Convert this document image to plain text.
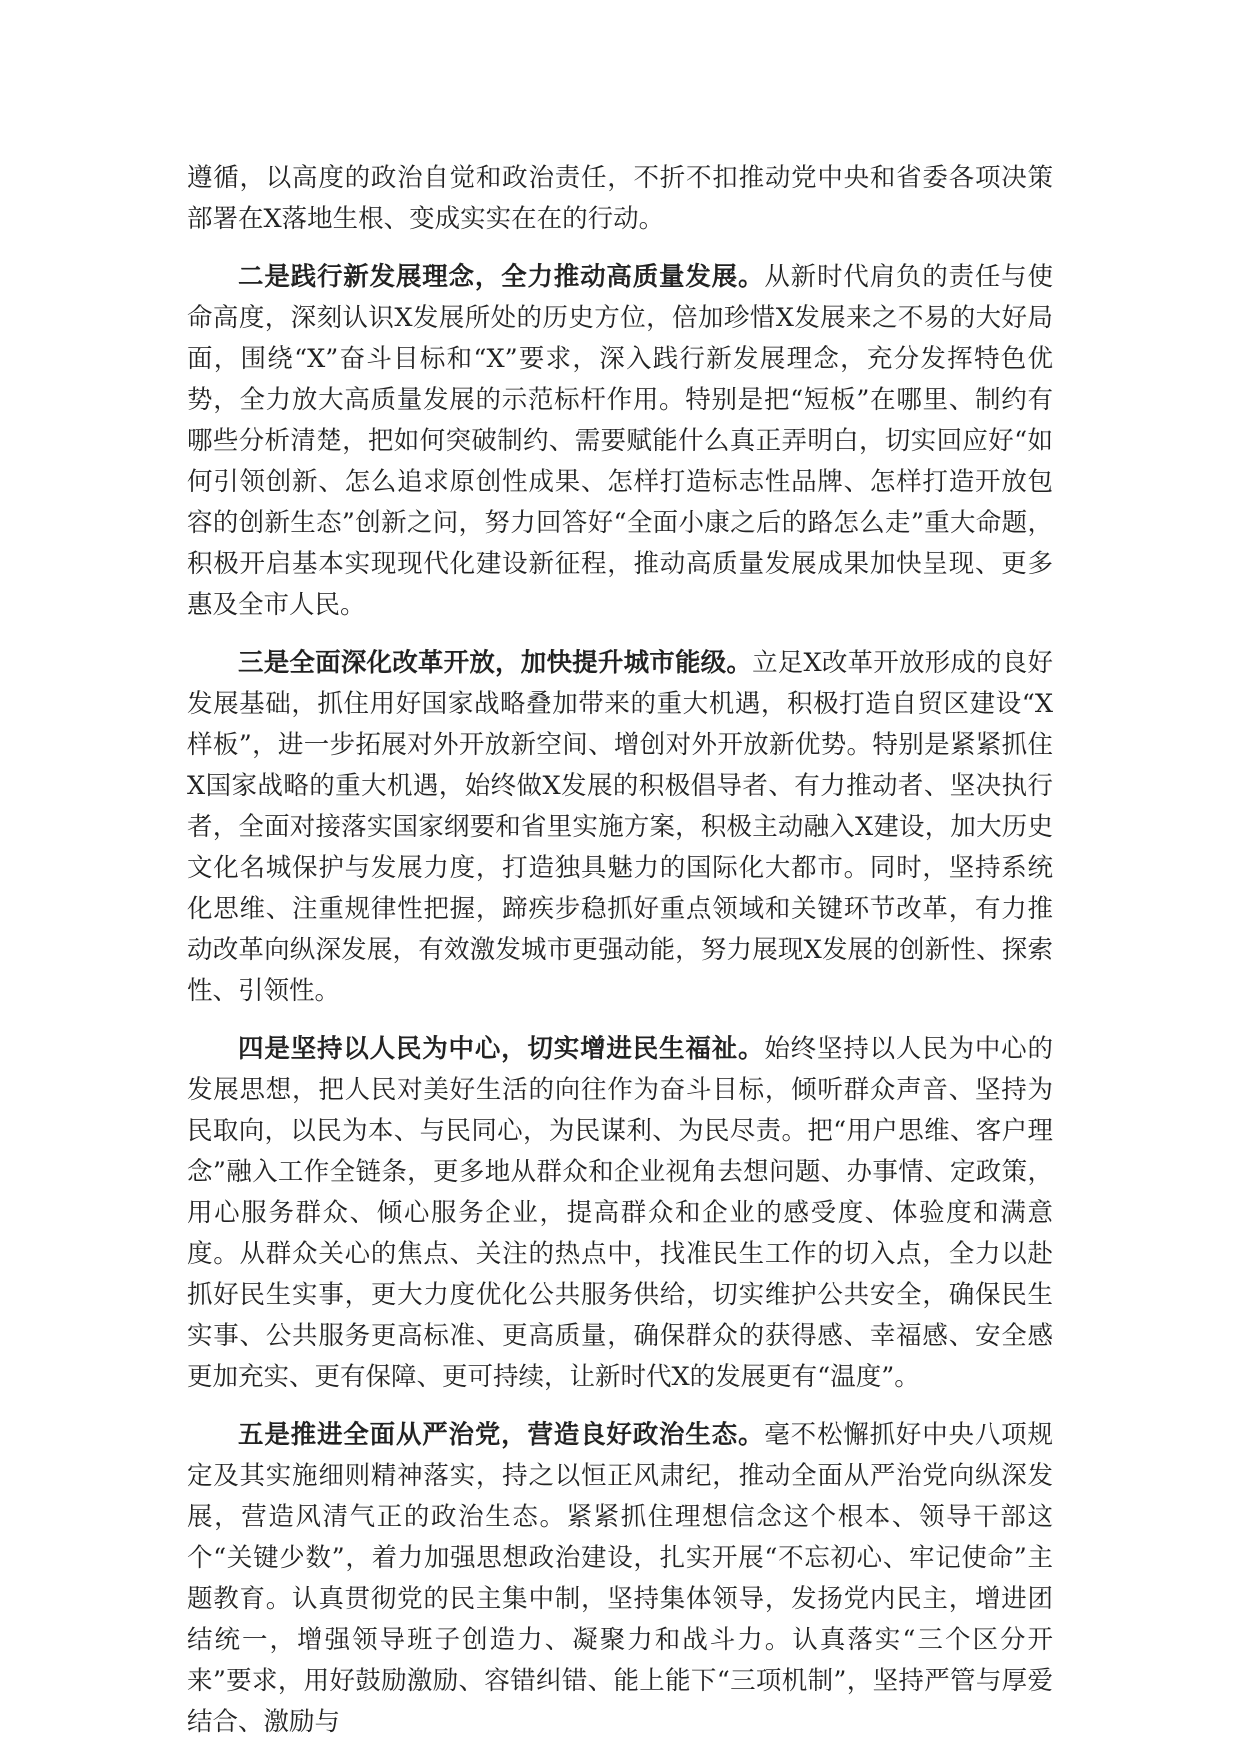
遵循，以高度的政治自觉和政治责任，不折不扣推动党中央和省委各项决策部署在X落地生根、变成实实在在的行动。

二是践行新发展理念，全力推动高质量发展。从新时代肩负的责任与使命高度，深刻认识X发展所处的历史方位，倍加珍惜X发展来之不易的大好局面，围绕“X”奋斗目标和“X”要求，深入践行新发展理念，充分发挥特色优势，全力放大高质量发展的示范标杆作用。特别是把“短板”在哪里、制约有哪些分析清楚，把如何突破制约、需要赋能什么真正弄明白，切实回应好“如何引领创新、怎么追求原创性成果、怎样打造标志性品牌、怎样打造开放包容的创新生态”创新之问，努力回答好“全面小康之后的路怎么走”重大命题，积极开启基本实现现代化建设新征程，推动高质量发展成果加快呈现、更多惠及全市人民。

三是全面深化改革开放，加快提升城市能级。立足X改革开放形成的良好发展基础，抓住用好国家战略叠加带来的重大机遇，积极打造自贸区建设“X样板”，进一步拓展对外开放新空间、增创对外开放新优势。特别是紧紧抓住X国家战略的重大机遇，始终做X发展的积极倡导者、有力推动者、坚决执行者，全面对接落实国家纲要和省里实施方案，积极主动融入X建设，加大历史文化名城保护与发展力度，打造独具魅力的国际化大都市。同时，坚持系统化思维、注重规律性把握，蹄疾步稳抓好重点领域和关键环节改革，有力推动改革向纵深发展，有效激发城市更强动能，努力展现X发展的创新性、探索性、引领性。

四是坚持以人民为中心，切实增进民生福祉。始终坚持以人民为中心的发展思想，把人民对美好生活的向往作为奋斗目标，倾听群众声音、坚持为民取向，以民为本、与民同心，为民谋利、为民尽责。把“用户思维、客户理念”融入工作全链条，更多地从群众和企业视角去想问题、办事情、定政策，用心服务群众、倾心服务企业，提高群众和企业的感受度、体验度和满意度。从群众关心的焦点、关注的热点中，找准民生工作的切入点，全力以赴抓好民生实事，更大力度优化公共服务供给，切实维护公共安全，确保民生实事、公共服务更高标准、更高质量，确保群众的获得感、幸福感、安全感更加充实、更有保障、更可持续，让新时代X的发展更有“温度”。

五是推进全面从严治党，营造良好政治生态。毫不松懈抓好中央八项规定及其实施细则精神落实，持之以恒正风肃纪，推动全面从严治党向纵深发展，营造风清气正的政治生态。紧紧抓住理想信念这个根本、领导干部这个“关键少数”，着力加强思想政治建设，扎实开展“不忘初心、牢记使命”主题教育。认真贯彻党的民主集中制，坚持集体领导，发扬党内民主，增进团结统一，增强领导班子创造力、凝聚力和战斗力。认真落实“三个区分开来”要求，用好鼓励激励、容错纠错、能上能下“三项机制”，坚持严管与厚爱结合、激励与
